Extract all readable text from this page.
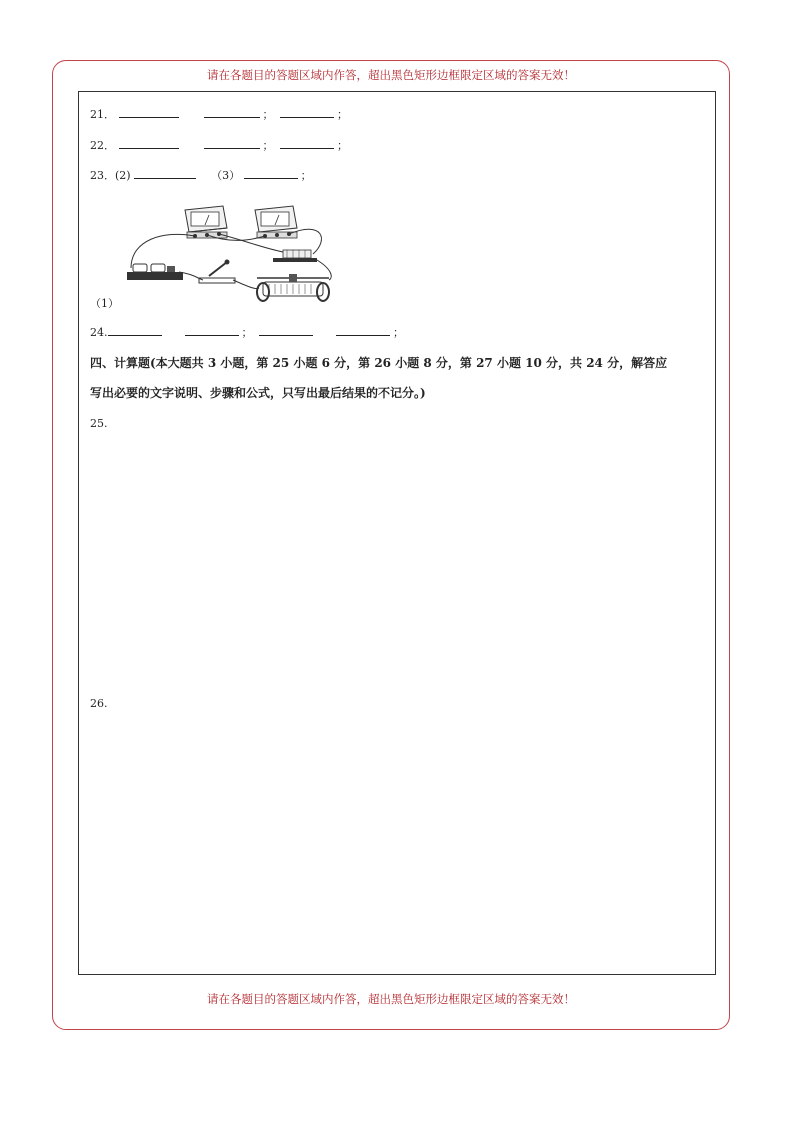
请在各题目的答题区域内作答，超出黑色矩形边框限定区域的答案无效！
请在各题目的答题区域内作答，超出黑色矩形边框限定区域的答案无效！
21．	；	；
22．	；	；
23．(2)	（3）	；
（1）
24.	；	；
四、计算题(本大题共 3 小题，第 25 小题 6 分，第 26 小题 8 分，第 27 小题 10 分，共 24 分，解答应
写出必要的文字说明、步骤和公式，只写出最后结果的不记分。)
25.
26.
